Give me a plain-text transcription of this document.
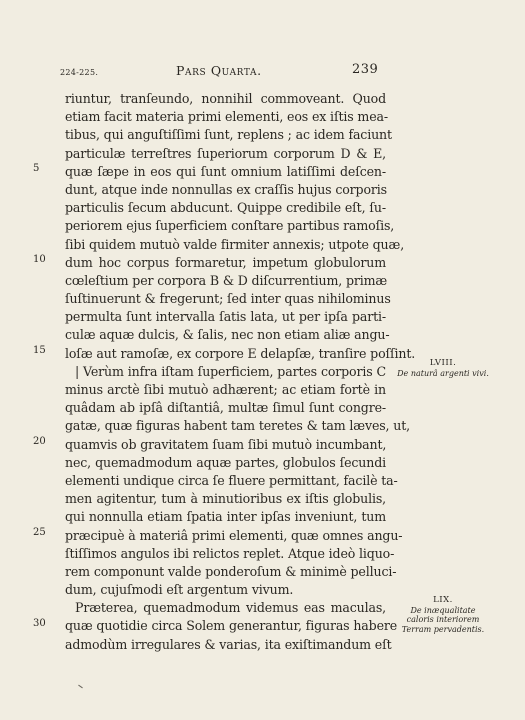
224-225.	Pars Quarta.	239
riuntur, tranſeundo, nonnihil commoveant. Quod
etiam facit materia primi elementi, eos ex iſtis mea-
tibus, qui anguſtiſſimi ſunt, replens ; ac idem faciunt
particulæ terreſtres ſuperiorum corporum D & E,
quæ ſæpe in eos qui ſunt omnium latiſſimi deſcen-
dunt, atque inde nonnullas ex craſſis hujus corporis
particulis ſecum abducunt. Quippe credibile eſt, ſu-
periorem ejus ſuperficiem conſtare partibus ramoſis,
ſibi quidem mutuò valde firmiter annexis; utpote quæ,
dum hoc corpus formaretur, impetum globulorum
cœleſtium per corpora B & D diſcurrentium, primæ
ſuſtinuerunt & fregerunt; ſed inter quas nihilominus
permulta ſunt intervalla ſatis lata, ut per ipſa parti-
culæ aquæ dulcis, & ſalis, nec non etiam aliæ angu-
loſæ aut ramoſæ, ex corpore E delapſæ, tranſire poſſint.
| Verùm infra iſtam ſuperficiem, partes corporis C
minus arctè ſibi mutuò adhærent; ac etiam fortè in
quâdam ab ipſâ diſtantiâ, multæ ſimul ſunt congre-
gatæ, quæ figuras habent tam teretes & tam læves, ut,
quamvis ob gravitatem ſuam ſibi mutuò incumbant,
nec, quemadmodum aquæ partes, globulos ſecundi
elementi undique circa ſe fluere permittant, facilè ta-
men agitentur, tum à minutioribus ex iſtis globulis,
qui nonnulla etiam ſpatia inter ipſas inveniunt, tum
præcipuè à materiâ primi elementi, quæ omnes angu-
ſtiſſimos angulos ibi relictos replet. Atque ideò liquo-
rem componunt valde ponderoſum & minimè pelluci-
dum, cujuſmodi eſt argentum vivum.
Præterea, quemadmodum videmus eas maculas,
quæ quotidie circa Solem generantur, figuras habere
admodùm irregulares & varias, ita exiſtimandum eſt
5
10
15
20
25
30
LVIII.
De naturâ argenti vivi.
LIX.
De inæqualitate caloris interiorem Terram pervadentis.
